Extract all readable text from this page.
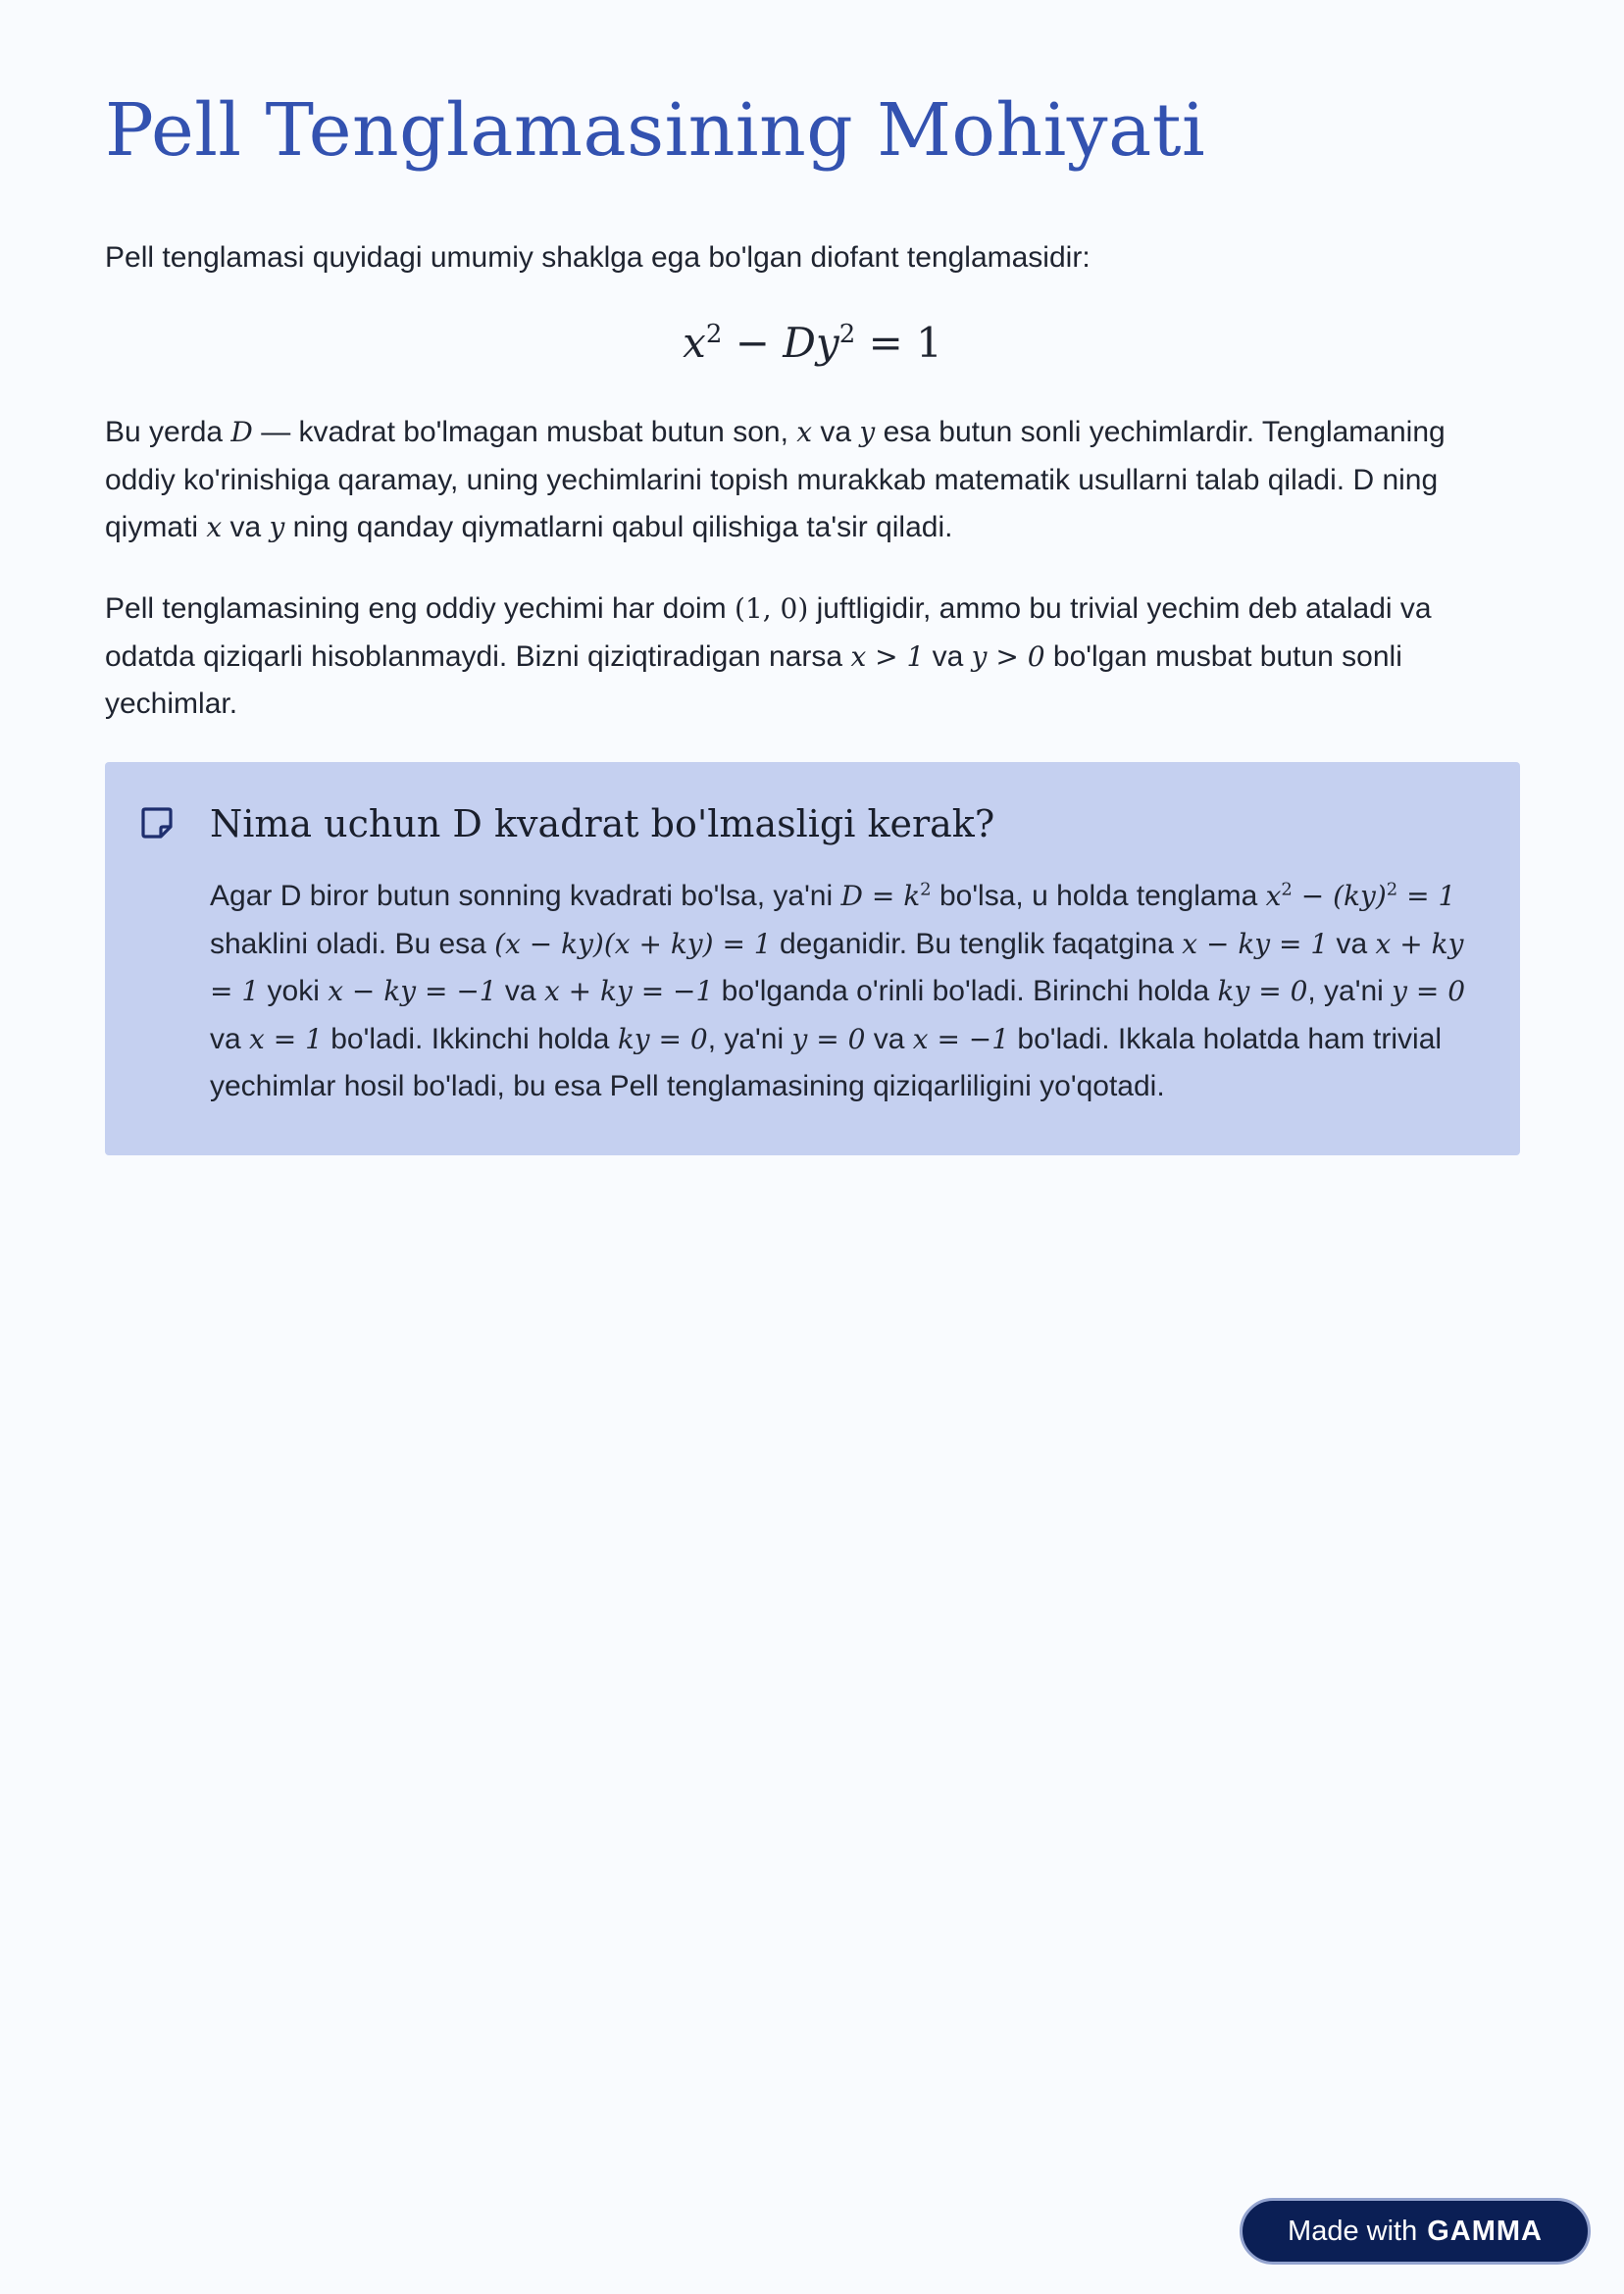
Pell Tenglamasining Mohiyati

Pell tenglamasi quyidagi umumiy shaklga ega bo'lgan diofant tenglamasidir:

$x^2 - Dy^2 = 1$

Bu yerda D — kvadrat bo'lmagan musbat butun son, x va y esa butun sonli yechimlardir. Tenglamaning oddiy ko'rinishiga qaramay, uning yechimlarini topish murakkab matematik usullarni talab qiladi. D ning qiymati x va y ning qanday qiymatlarni qabul qilishiga ta'sir qiladi.

Pell tenglamasining eng oddiy yechimi har doim (1, 0) juftligidir, ammo bu trivial yechim deb ataladi va odatda qiziqarli hisoblanmaydi. Bizni qiziqtiradigan narsa x > 1 va y > 0 bo'lgan musbat butun sonli yechimlar.

Nima uchun D kvadrat bo'lmasligi kerak?

Agar D biror butun sonning kvadrati bo'lsa, ya'ni $D = k^2$ bo'lsa, u holda tenglama $x^2 - (ky)^2 = 1$ shaklini oladi. Bu esa (x − ky)(x + ky) = 1 deganidir. Bu tenglik faqatgina x − ky = 1 va x + ky = 1 yoki x − ky = −1 va x + ky = −1 bo'lganda o'rinli bo'ladi. Birinchi holda ky = 0, ya'ni y = 0 va x = 1 bo'ladi. Ikkinchi holda ky = 0, ya'ni y = 0 va x = −1 bo'ladi. Ikkala holatda ham trivial yechimlar hosil bo'ladi, bu esa Pell tenglamasining qiziqarliligini yo'qotadi.

Made with GAMMA
